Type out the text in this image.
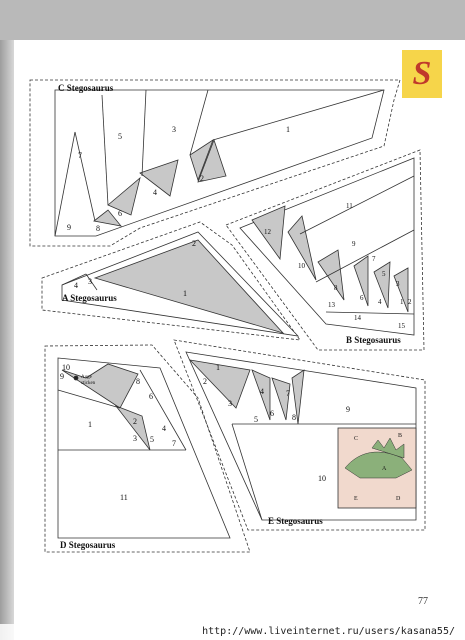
C Stegosaurus
A Stegosaurus
B Stegosaurus
D Stegosaurus
E Stegosaurus
1
2
3
4
5
6
7
8
9
1
2
3
4
1 2
3
4
5
6
7
8
9
10
11
12
13
14
15
1	2
3
4
5
6
7
8
9
10
11
Auge
sticken
1
2
3
4
5
6
7
8
9
10
A
B
C
D
E
S
77
http://www.liveinternet.ru/users/kasana55/
